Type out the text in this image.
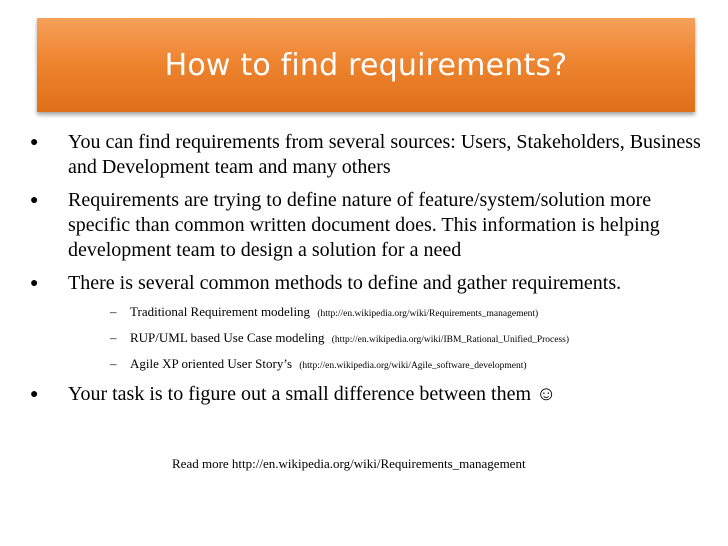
How to find requirements?
● You can find requirements from several sources: Users, Stakeholders, Business and Development team and many others
● Requirements are trying to define nature of feature/system/solution more specific than common written document does. This information is helping development team to design a solution for a need
● There is several common methods to define and gather requirements.
– Traditional Requirement modeling (http://en.wikipedia.org/wiki/Requirements_management)
– RUP/UML based Use Case modeling (http://en.wikipedia.org/wiki/IBM_Rational_Unified_Process)
– Agile XP oriented User Story’s (http://en.wikipedia.org/wiki/Agile_software_development)
● Your task is to figure out a small difference between them ☺
Read more http://en.wikipedia.org/wiki/Requirements_management
